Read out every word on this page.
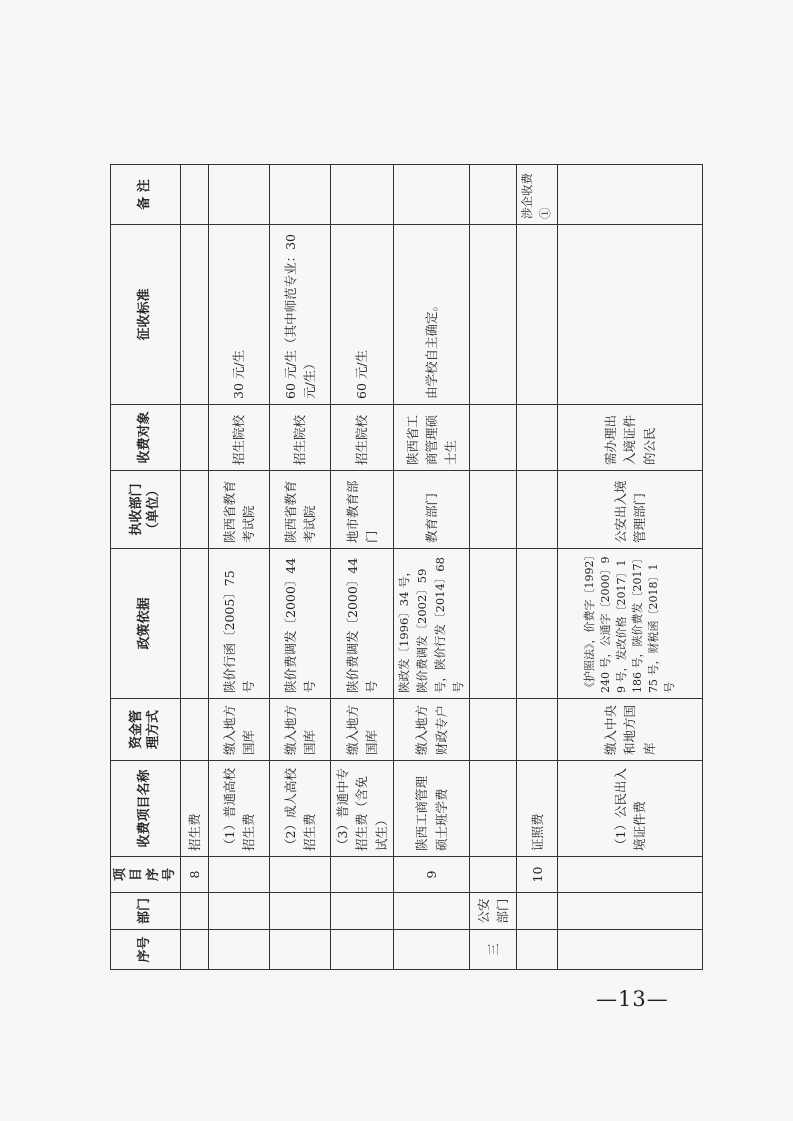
序号	部门	项目序号	收费项目名称	资金管理方式	政策依据	执收部门（单位）	收费对象	征收标准	备 注
		8	招生费						
			（1）普通高校招生费	缴入地方国库	陕价行函〔2005〕75 号	陕西省教育考试院	招生院校	30 元/生	
			（2）成人高校招生费	缴入地方国库	陕价费调发〔2000〕44 号	陕西省教育考试院	招生院校	60 元/生（其中师范专业：30 元/生）	
			（3）普通中专招生费（含免试生）	缴入地方国库	陕价费调发〔2000〕44 号	地市教育部门	招生院校	60 元/生	
		9	陕西工商管理硕士班学费	缴入地方财政专户	陕政发〔1996〕34 号，陕价费调发〔2002〕59 号，陕价行发〔2014〕68 号	教育部门	陕西省工商管理硕士生	由学校自主确定。	
三	公安部门								
		10	证照费						涉企收费①
			（1）公民出入境证件费	缴入中央和地方国库	《护照法》，价费字〔1992〕240 号，公通字〔2000〕99 号，发改价格〔2017〕1186 号，陕价费发〔2017〕75 号，财税函〔2018〕1 号	公安出入境管理部门	需办理出入境证件的公民		
—13—
